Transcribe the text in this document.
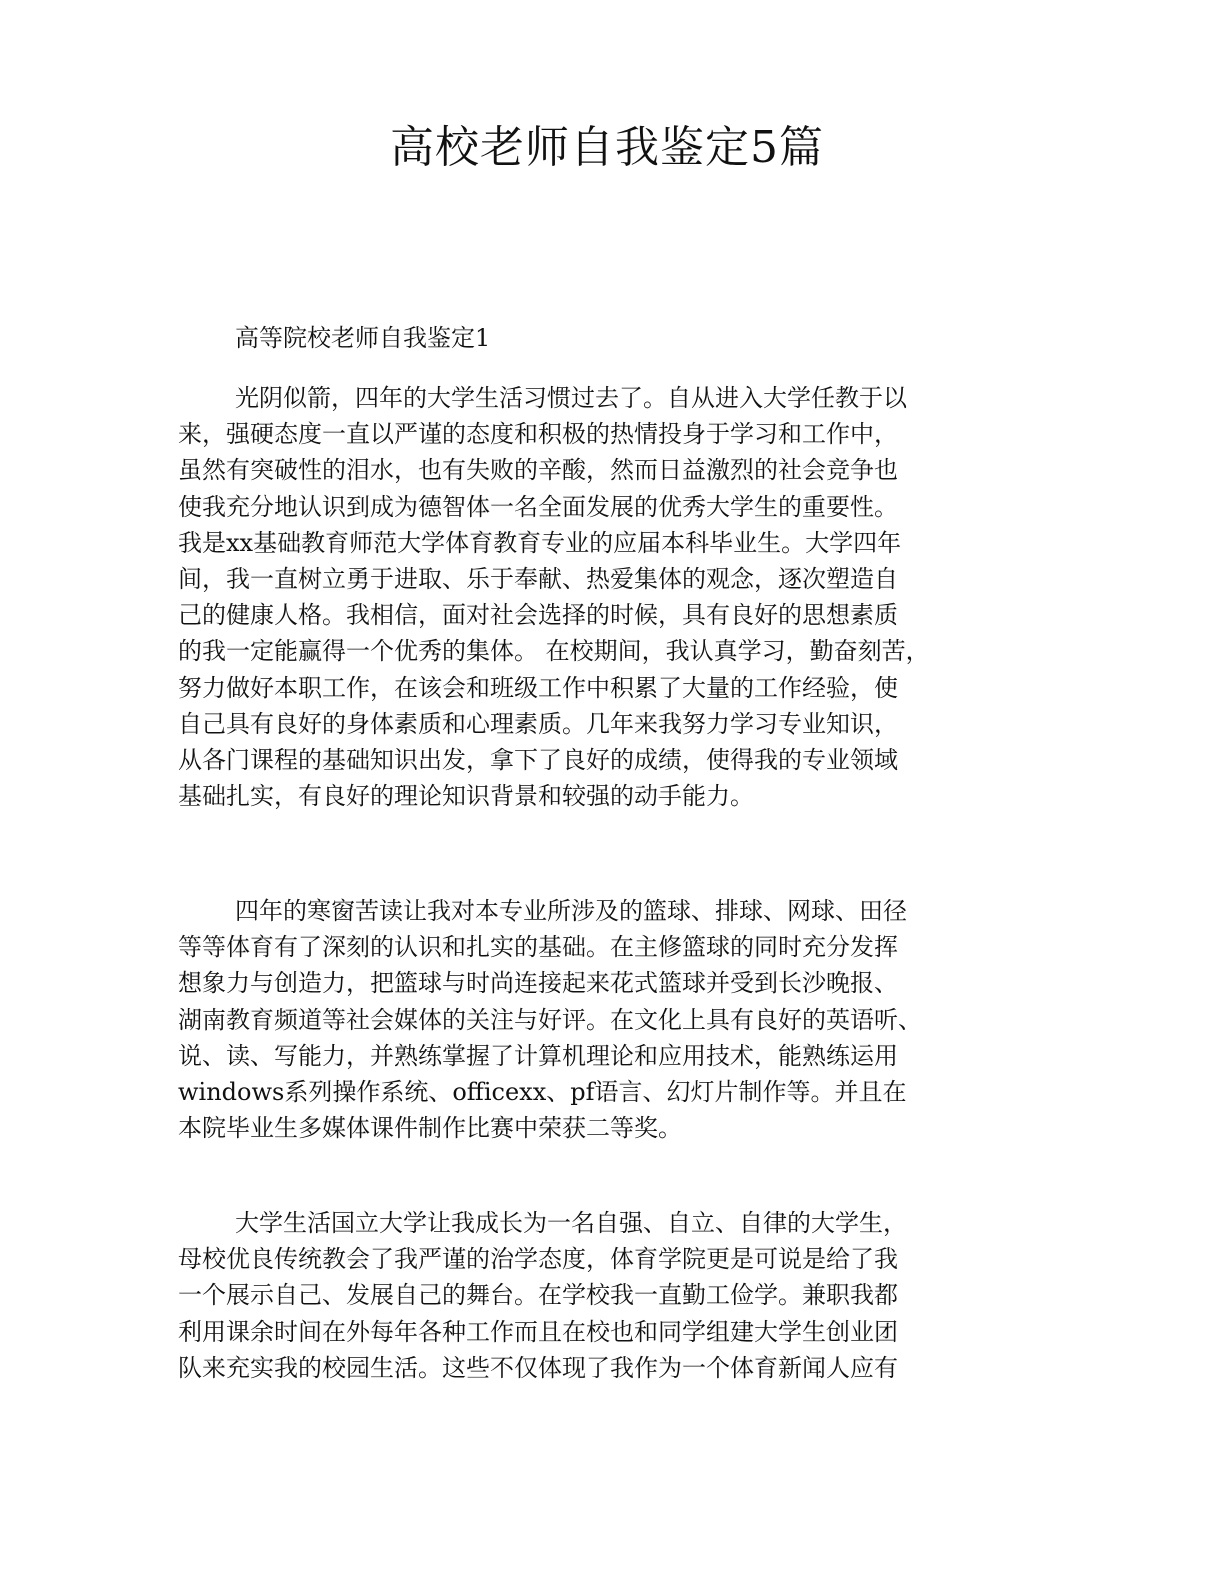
高校老师自我鉴定5篇
高等院校老师自我鉴定1
光阴似箭，四年的大学生活习惯过去了。自从进入大学任教于以
来，强硬态度一直以严谨的态度和积极的热情投身于学习和工作中，
虽然有突破性的泪水，也有失败的辛酸，然而日益激烈的社会竞争也
使我充分地认识到成为德智体一名全面发展的优秀大学生的重要性。
我是xx基础教育师范大学体育教育专业的应届本科毕业生。大学四年
间，我一直树立勇于进取、乐于奉献、热爱集体的观念，逐次塑造自
己的健康人格。我相信，面对社会选择的时候，具有良好的思想素质
的我一定能赢得一个优秀的集体。 在校期间，我认真学习，勤奋刻苦，
努力做好本职工作，在该会和班级工作中积累了大量的工作经验，使
自己具有良好的身体素质和心理素质。几年来我努力学习专业知识，
从各门课程的基础知识出发，拿下了良好的成绩，使得我的专业领域
基础扎实，有良好的理论知识背景和较强的动手能力。
四年的寒窗苦读让我对本专业所涉及的篮球、排球、网球、田径
等等体育有了深刻的认识和扎实的基础。在主修篮球的同时充分发挥
想象力与创造力，把篮球与时尚连接起来花式篮球并受到长沙晚报、
湖南教育频道等社会媒体的关注与好评。在文化上具有良好的英语听、
说、读、写能力，并熟练掌握了计算机理论和应用技术，能熟练运用
windows系列操作系统、officexx、pf语言、幻灯片制作等。并且在
本院毕业生多媒体课件制作比赛中荣获二等奖。
大学生活国立大学让我成长为一名自强、自立、自律的大学生，
母校优良传统教会了我严谨的治学态度，体育学院更是可说是给了我
一个展示自己、发展自己的舞台。在学校我一直勤工俭学。兼职我都
利用课余时间在外每年各种工作而且在校也和同学组建大学生创业团
队来充实我的校园生活。这些不仅体现了我作为一个体育新闻人应有
